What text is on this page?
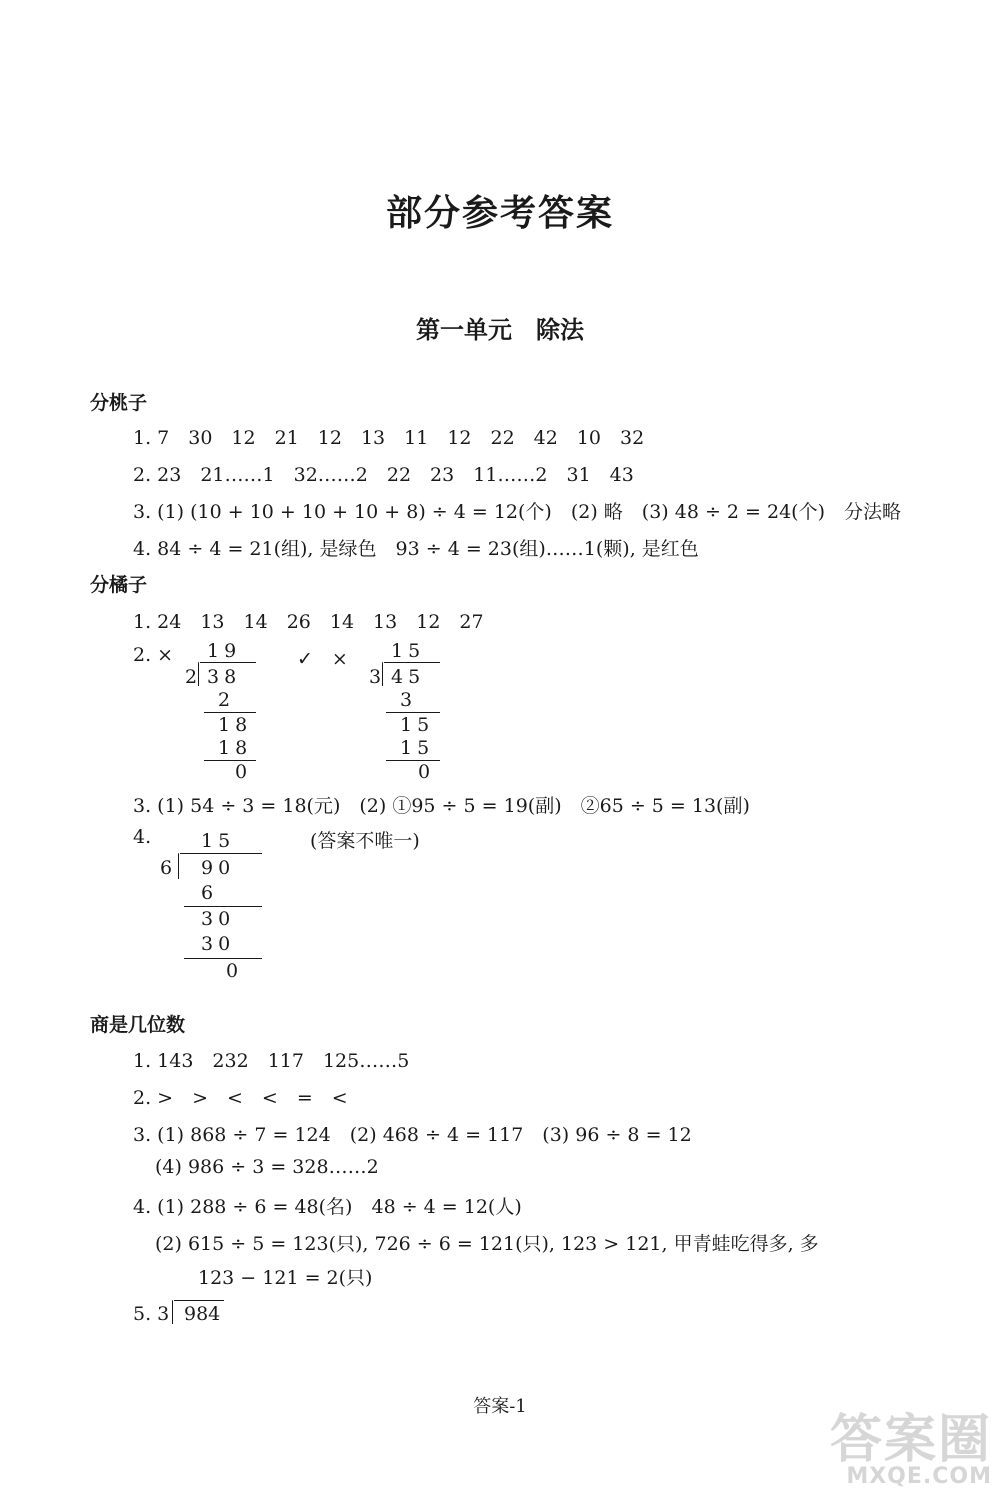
部分参考答案
第一单元　除法
分桃子
1. 7　30　12　21　12　13　11　12　22　42　10　32
2. 23　21……1　32……2　22　23　11……2　31　43
3. (1) (10 + 10 + 10 + 10 + 8) ÷ 4 = 12(个)　(2) 略　(3) 48 ÷ 2 = 24(个)　分法略
4. 84 ÷ 4 = 21(组), 是绿色　93 ÷ 4 = 23(组)……1(颗), 是红色
分橘子
1. 24　13　14　26　14　13　12　27
2. ×	✓　×
19
2 38
2
18
18
0
15
3 45
3
15
15
0
3. (1) 54 ÷ 3 = 18(元)　(2) ①95 ÷ 5 = 19(副)　②65 ÷ 5 = 13(副)
4.	(答案不唯一)
15
6 90
6
30
30
0
商是几位数
1. 143　232　117　125……5
2. >　>　<　<　=　<
3. (1) 868 ÷ 7 = 124　(2) 468 ÷ 4 = 117　(3) 96 ÷ 8 = 12
(4) 986 ÷ 3 = 328……2
4. (1) 288 ÷ 6 = 48(名)　48 ÷ 4 = 12(人)
(2) 615 ÷ 5 = 123(只), 726 ÷ 6 = 121(只), 123 > 121, 甲青蛙吃得多, 多
123 − 121 = 2(只)
5. 3 984
答案-1
答案圈
MXQE.COM
